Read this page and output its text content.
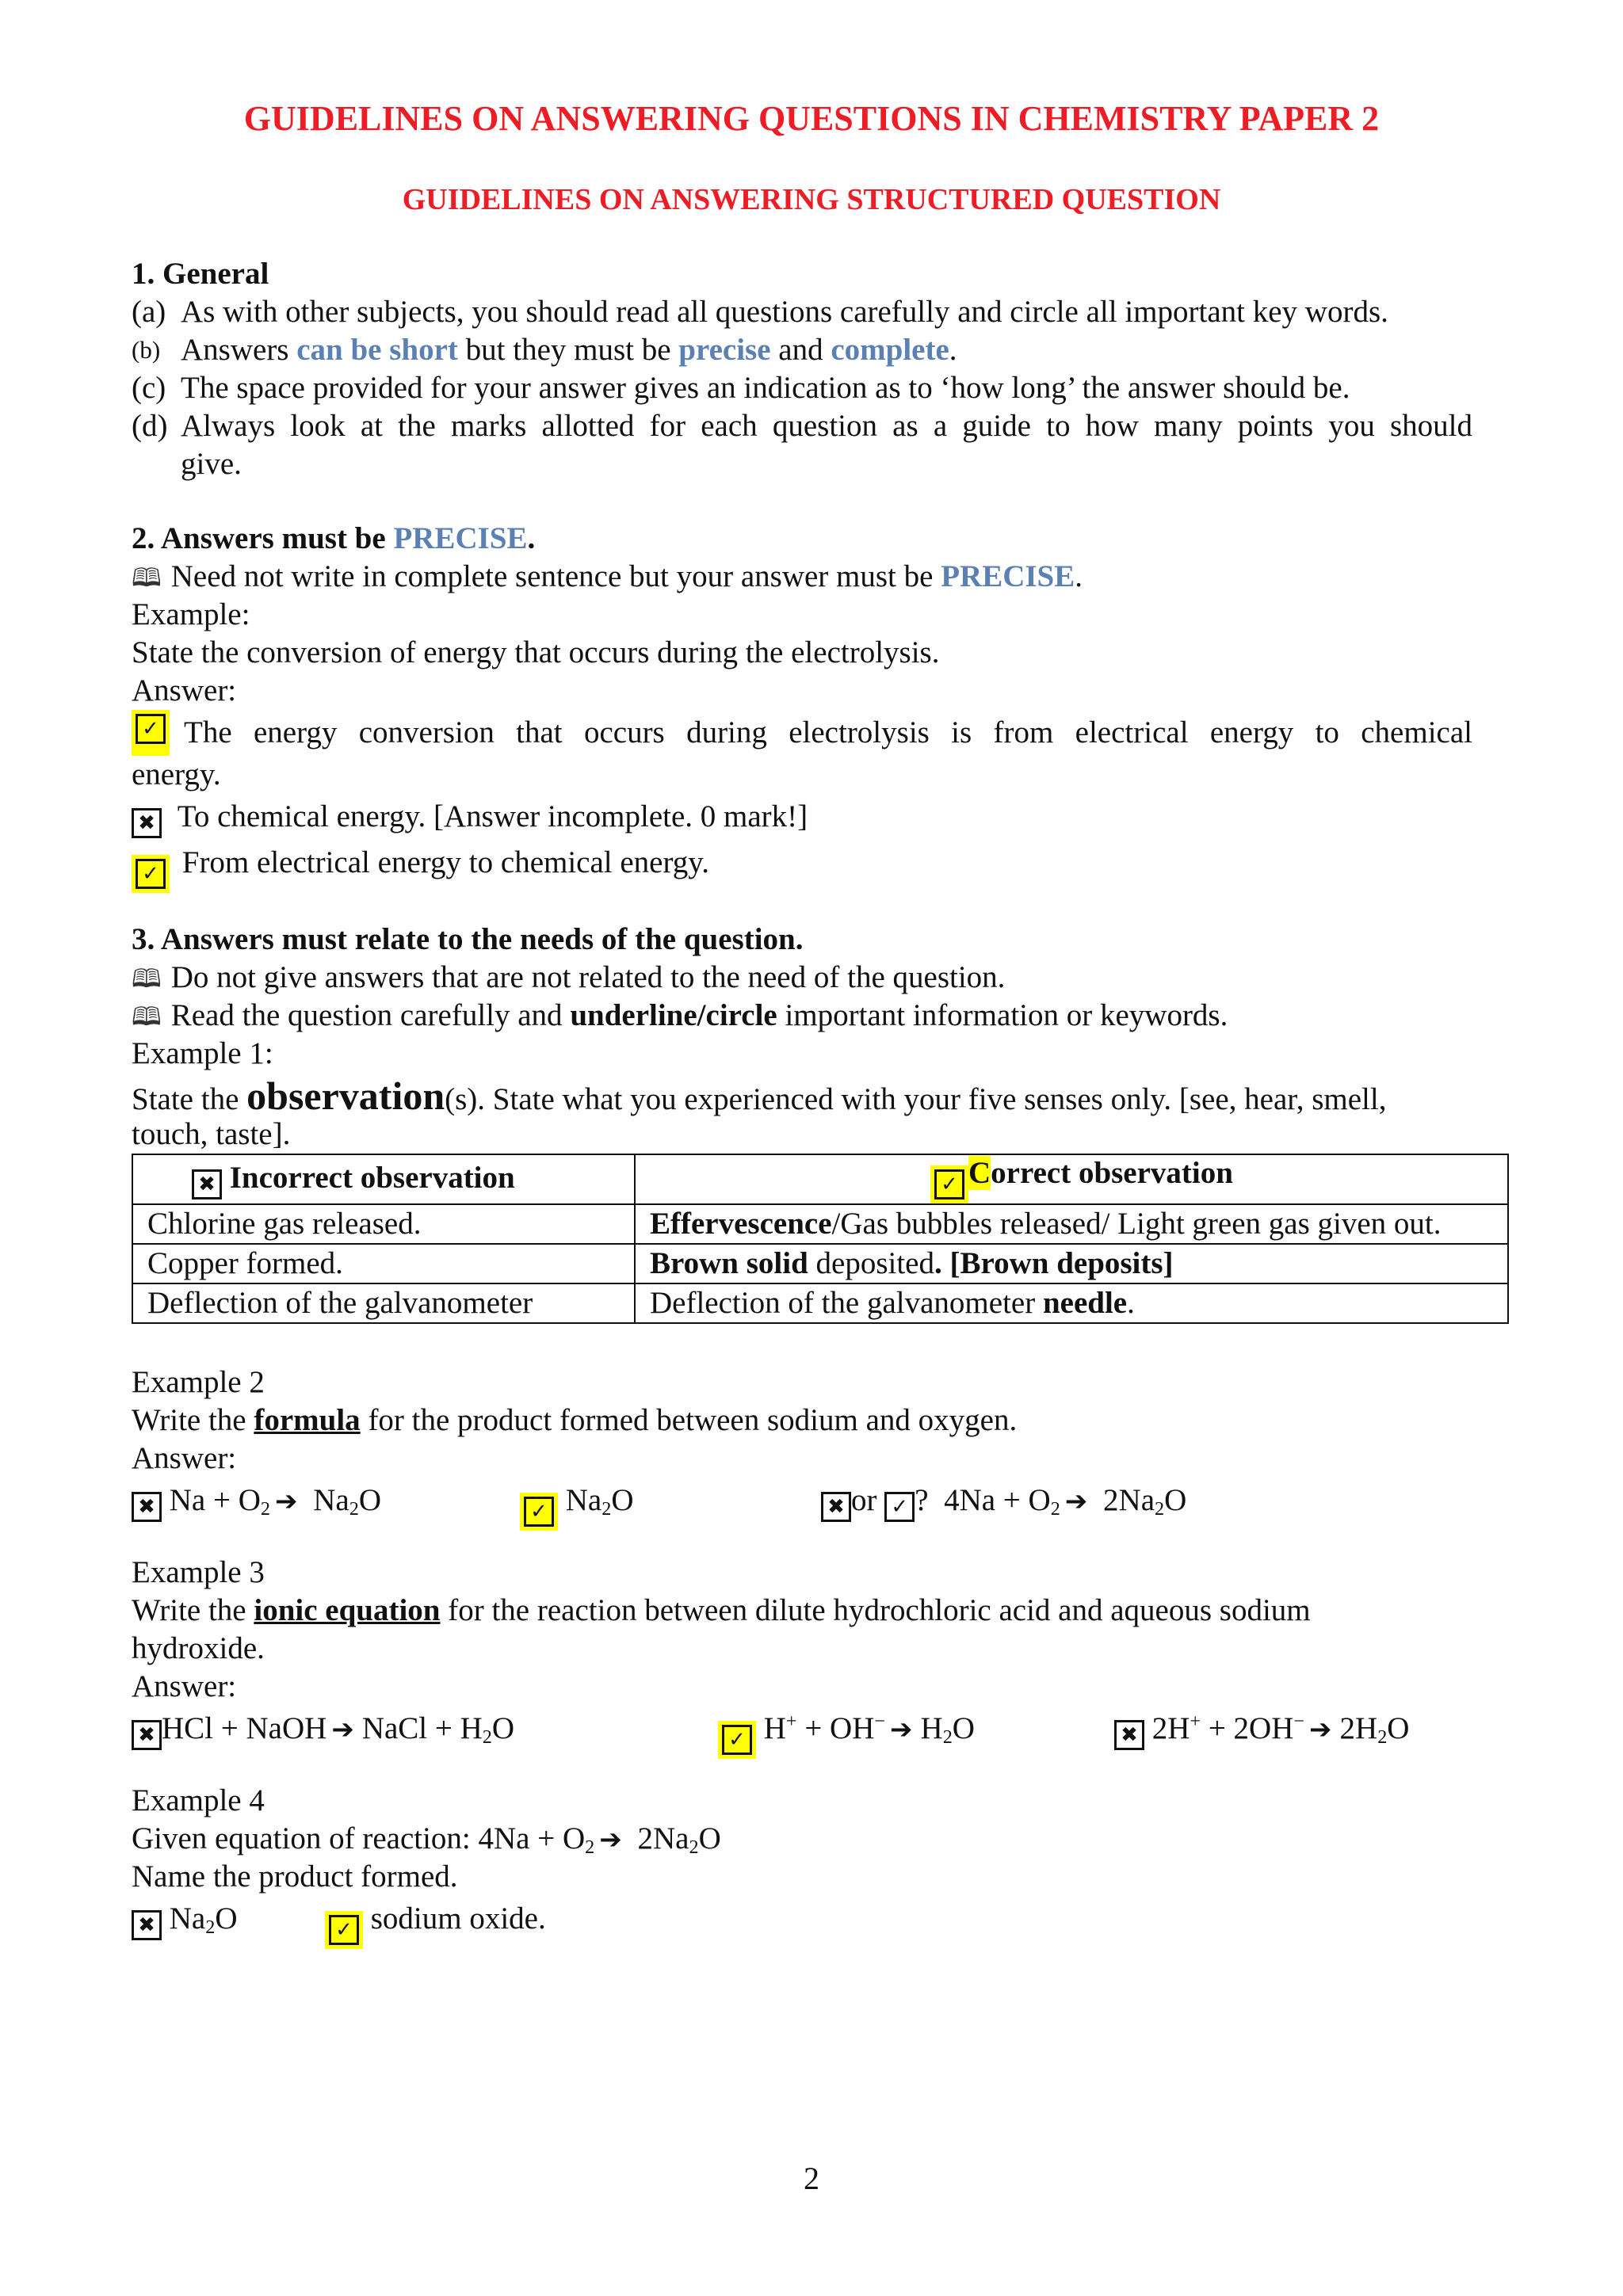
GUIDELINES ON ANSWERING QUESTIONS IN CHEMISTRY PAPER 2
GUIDELINES ON ANSWERING STRUCTURED QUESTION
1. General
(a) As with other subjects, you should read all questions carefully and circle all important key words.
(b) Answers can be short but they must be precise and complete.
(c) The space provided for your answer gives an indication as to ‘how long’ the answer should be.
(d) Always look at the marks allotted for each question as a guide to how many points you should
give.
2. Answers must be PRECISE.
🕮 Need not write in complete sentence but your answer must be PRECISE.
Example:
State the conversion of energy that occurs during the electrolysis.
Answer:
✓ The energy conversion that occurs during electrolysis is from electrical energy to chemical
energy.
✖ To chemical energy. [Answer incomplete. 0 mark!]
✓ From electrical energy to chemical energy.
3. Answers must relate to the needs of the question.
🕮 Do not give answers that are not related to the need of the question.
🕮 Read the question carefully and underline/circle important information or keywords.
Example 1:
State the observation(s). State what you experienced with your five senses only. [see, hear, smell,
touch, taste].
✖ Incorrect observation	✓ Correct observation
Chlorine gas released.	Effervescence/Gas bubbles released/ Light green gas given out.
Copper formed.	Brown solid deposited. [Brown deposits]
Deflection of the galvanometer	Deflection of the galvanometer needle.
Example 2
Write the formula for the product formed between sodium and oxygen.
Answer:
✖ $Na + O_2$ ➔ $Na_2O$	✓ $Na_2O$	✖ or ✓ ?  $4Na + O_2$ ➔ $2Na_2O$
Example 3
Write the ionic equation for the reaction between dilute hydrochloric acid and aqueous sodium
hydroxide.
Answer:
✖ HCl + NaOH ➔ NaCl + $H_2O$	✓ H+ + OH− ➔ $H_2O$	✖ 2H+ + 2OH− ➔ $2H_2O$
Example 4
Given equation of reaction: $4Na + O_2$ ➔ $2Na_2O$
Name the product formed.
✖ $Na_2O$	✓ sodium oxide.
2
